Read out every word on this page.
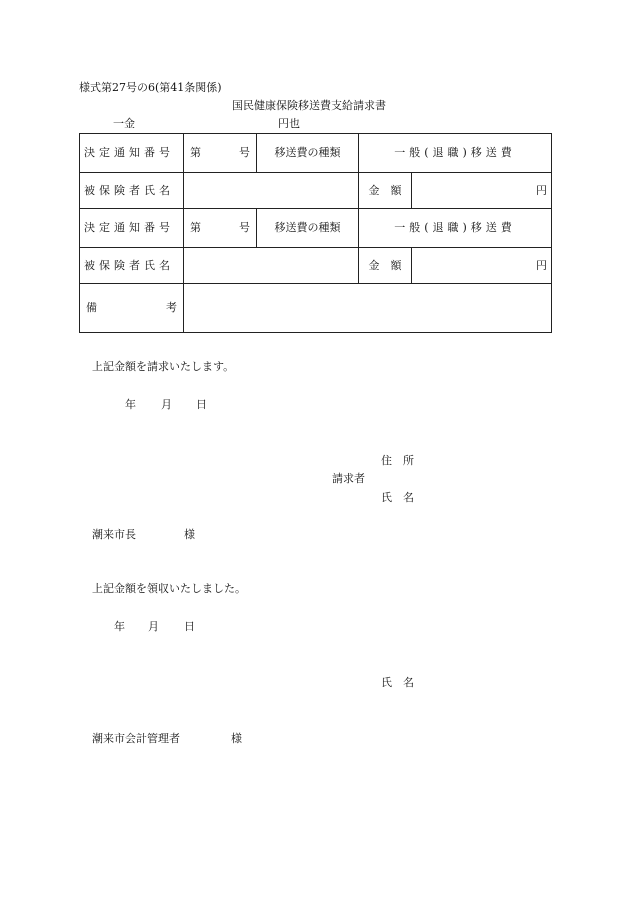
様式第27号の6(第41条関係)
国民健康保険移送費支給請求書
一金	円也
決定通知番号	第 号	移送費の種類	一般(退職)移送費	
被保険者氏名			金　額	円
決定通知番号	第 号	移送費の種類	一般(退職)移送費	
被保険者氏名			金　額	円

備 考				

上記金額を請求いたします。
年 月 日
住　所
請求者
氏　名
潮来市長	様
上記金額を領収いたしました。
年 月 日
氏　名
潮来市会計管理者	様
